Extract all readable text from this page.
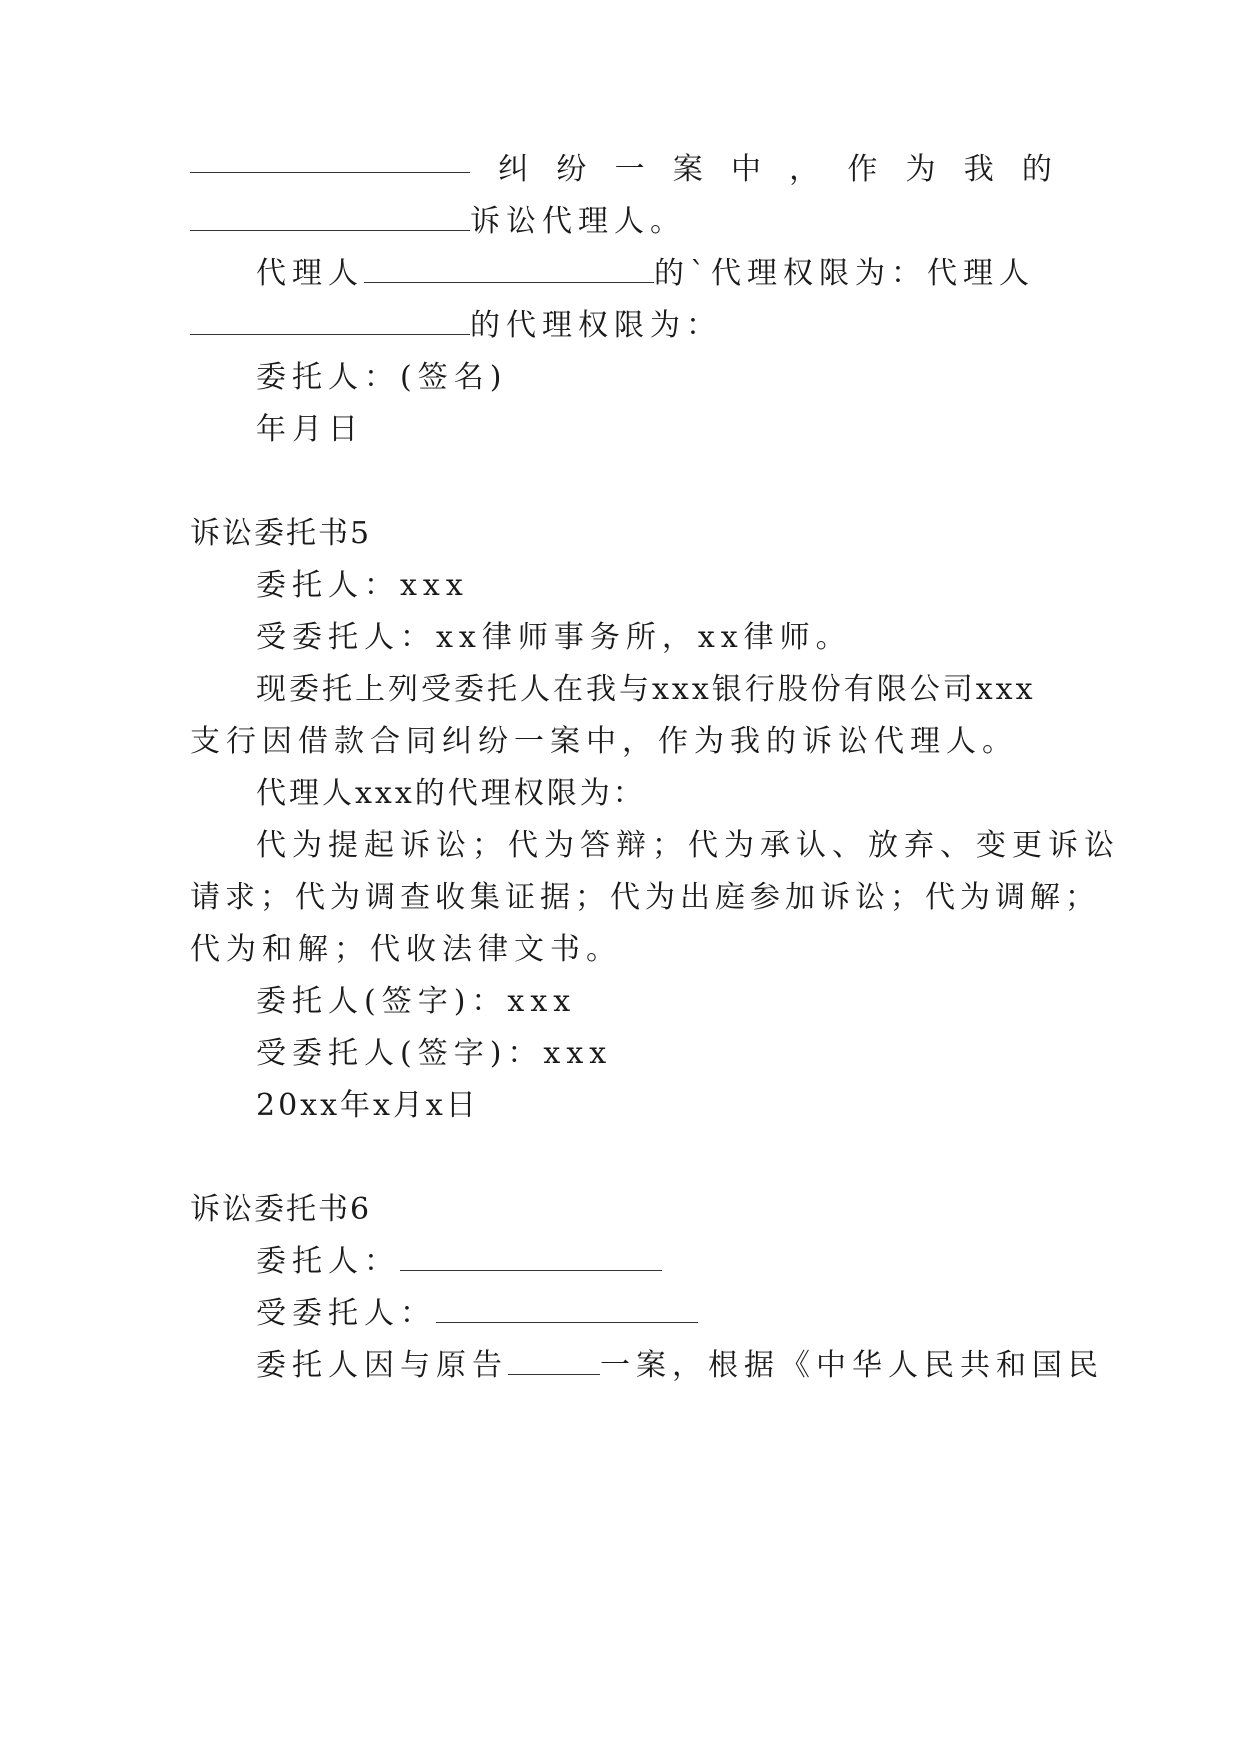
纠 纷 一 案 中 ， 作 为 我 的
诉讼代理人。
代理人	的`代理权限为：代理人
的代理权限为：
委托人：(签名)
年月日
诉讼委托书5
委托人：xxx
受委托人：xx律师事务所，xx律师。
现委托上列受委托人在我与xxx银行股份有限公司xxx
支行因借款合同纠纷一案中，作为我的诉讼代理人。
代理人xxx的代理权限为：
代为提起诉讼；代为答辩；代为承认、放弃、变更诉讼
请求；代为调查收集证据；代为出庭参加诉讼；代为调解；
代为和解；代收法律文书。
委托人(签字)：xxx
受委托人(签字)：xxx
20xx年x月x日
诉讼委托书6
委托人：
受委托人：
委托人因与原告	一案，根据《中华人民共和国民
